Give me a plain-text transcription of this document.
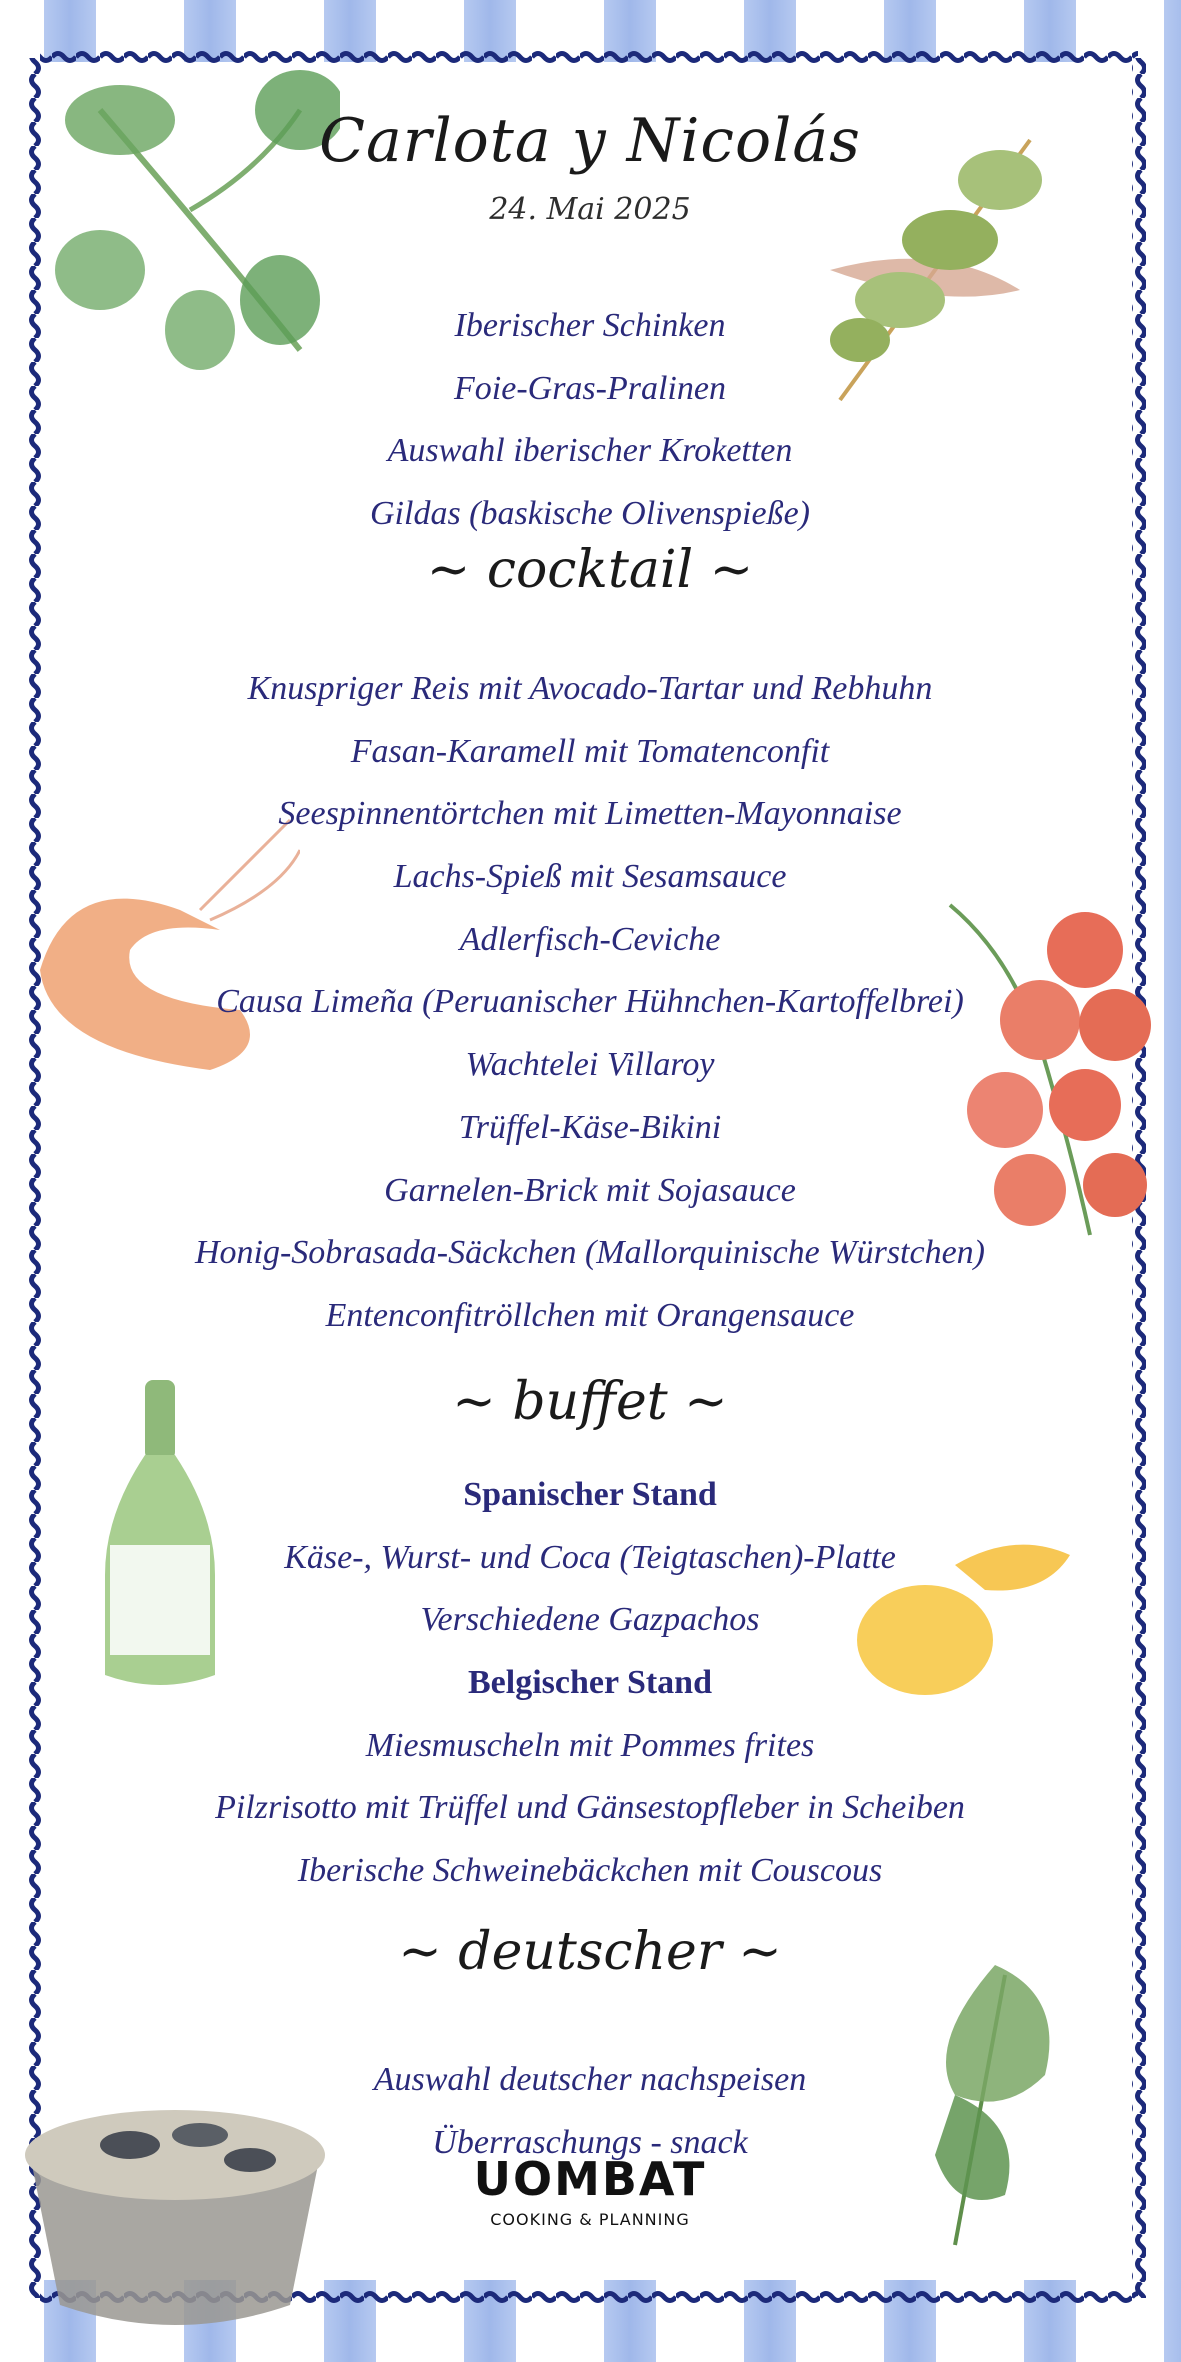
Carlota y Nicolás
24. Mai 2025
Iberischer Schinken
Foie-Gras-Pralinen
Auswahl iberischer Kroketten
Gildas (baskische Olivenspieße)
~ cocktail ~
Knuspriger Reis mit Avocado-Tartar und Rebhuhn
Fasan-Karamell mit Tomatenconfit
Seespinnentörtchen mit Limetten-Mayonnaise
Lachs-Spieß mit Sesamsauce
Adlerfisch-Ceviche
Causa Limeña (Peruanischer Hühnchen-Kartoffelbrei)
Wachtelei Villaroy
Trüffel-Käse-Bikini
Garnelen-Brick mit Sojasauce
Honig-Sobrasada-Säckchen (Mallorquinische Würstchen)
Entenconfitröllchen mit Orangensauce
~ buffet ~
Spanischer Stand
Käse-, Wurst- und Coca (Teigtaschen)-Platte
Verschiedene Gazpachos
Belgischer Stand
Miesmuscheln mit Pommes frites
Pilzrisotto mit Trüffel und Gänsestopfleber in Scheiben
Iberische Schweinebäckchen mit Couscous
~ deutscher ~
Auswahl deutscher nachspeisen
Überraschungs - snack
UOMBAT
COOKING & PLANNING
